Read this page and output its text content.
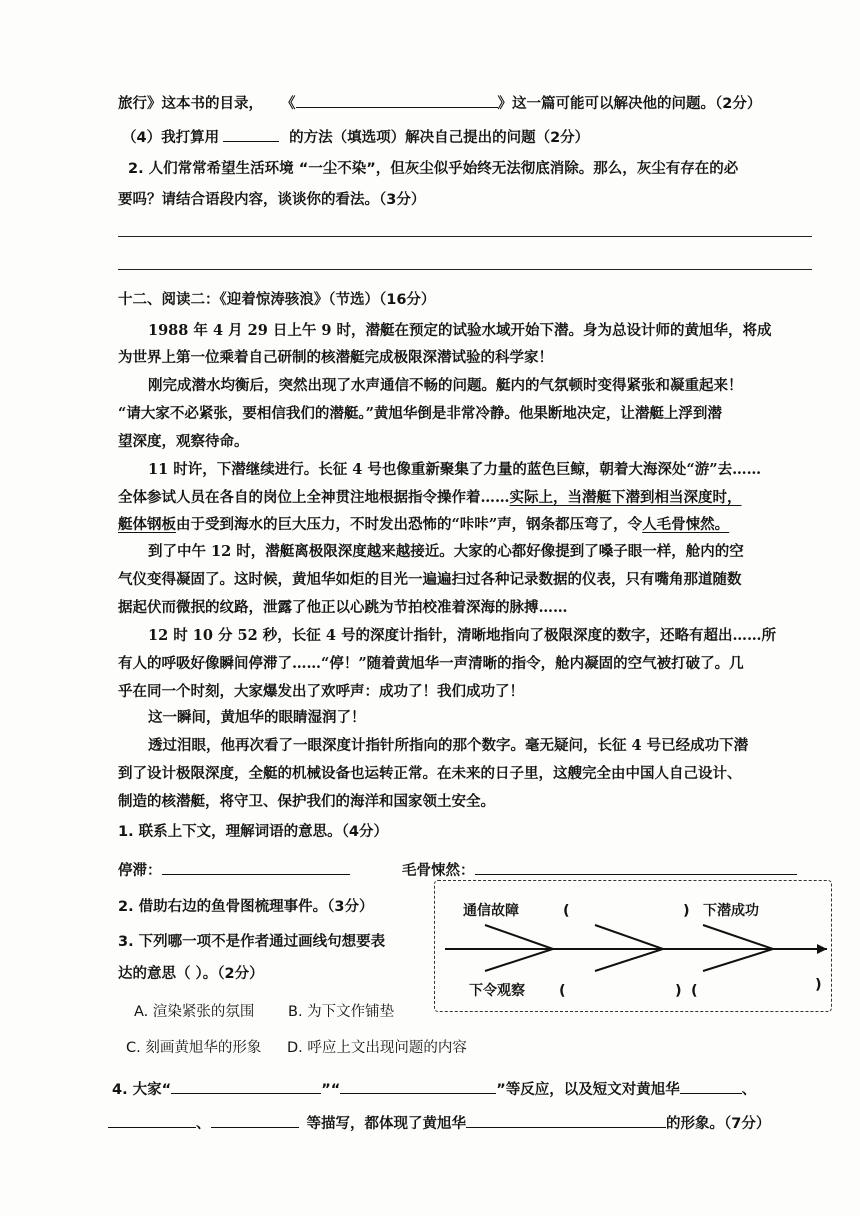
旅行》这本书的目录， 《	》这一篇可能可以解决他的问题。（2分）
（4）我打算用	的方法（填选项）解决自己提出的问题（2分）
2. 人们常常希望生活环境 “一尘不染”，但灰尘似乎始终无法彻底消除。那么，灰尘有存在的必
要吗？请结合语段内容，谈谈你的看法。（3分）
十二、阅读二：《迎着惊涛骇浪》（节选）（16分）
1988 年 4 月 29 日上午 9 时，潜艇在预定的试验水域开始下潜。身为总设计师的黄旭华，将成
为世界上第一位乘着自己研制的核潜艇完成极限深潜试验的科学家！
刚完成潜水均衡后，突然出现了水声通信不畅的问题。艇内的气氛顿时变得紧张和凝重起来！
“请大家不必紧张，要相信我们的潜艇。”黄旭华倒是非常冷静。他果断地决定，让潜艇上浮到潜
望深度，观察待命。
11 时许，下潜继续进行。长征 4 号也像重新聚集了力量的蓝色巨鲸，朝着大海深处“游”去……
全体参试人员在各自的岗位上全神贯注地根据指令操作着……实际上，当潜艇下潜到相当深度时，
艇体钢板由于受到海水的巨大压力，不时发出恐怖的“咔咔”声，钢条都压弯了，令人毛骨悚然。
到了中午 12 时，潜艇离极限深度越来越接近。大家的心都好像提到了嗓子眼一样，舱内的空
气仪变得凝固了。这时候，黄旭华如炬的目光一遍遍扫过各种记录数据的仪表，只有嘴角那道随数
据起伏而微抿的纹路，泄露了他正以心跳为节拍校准着深海的脉搏……
12 时 10 分 52 秒，长征 4 号的深度计指针，清晰地指向了极限深度的数字，还略有超出……所
有人的呼吸好像瞬间停滞了……“停！”随着黄旭华一声清晰的指令，舱内凝固的空气被打破了。几
乎在同一个时刻，大家爆发出了欢呼声：成功了！我们成功了！
这一瞬间，黄旭华的眼睛湿润了！
透过泪眼，他再次看了一眼深度计指针所指向的那个数字。毫无疑问，长征 4 号已经成功下潜
到了设计极限深度，全艇的机械设备也运转正常。在未来的日子里，这艘完全由中国人自己设计、
制造的核潜艇，将守卫、保护我们的海洋和国家领土安全。
1. 联系上下文，理解词语的意思。（4分）
停滞：	毛骨悚然：
2. 借助右边的鱼骨图梳理事件。（3分）
3. 下列哪一项不是作者通过画线句想要表
达的意思（ ）。（2分）
A. 渲染紧张的氛围 B. 为下文作铺垫
C. 刻画黄旭华的形象 D. 呼应上文出现问题的内容
4. 大家“	”“	”等反应，以及短文对黄旭华	、
、	等描写，都体现了黄旭华	的形象。（7分）
通信故障	(	) 下潜成功
下令观察 (	) (	)
